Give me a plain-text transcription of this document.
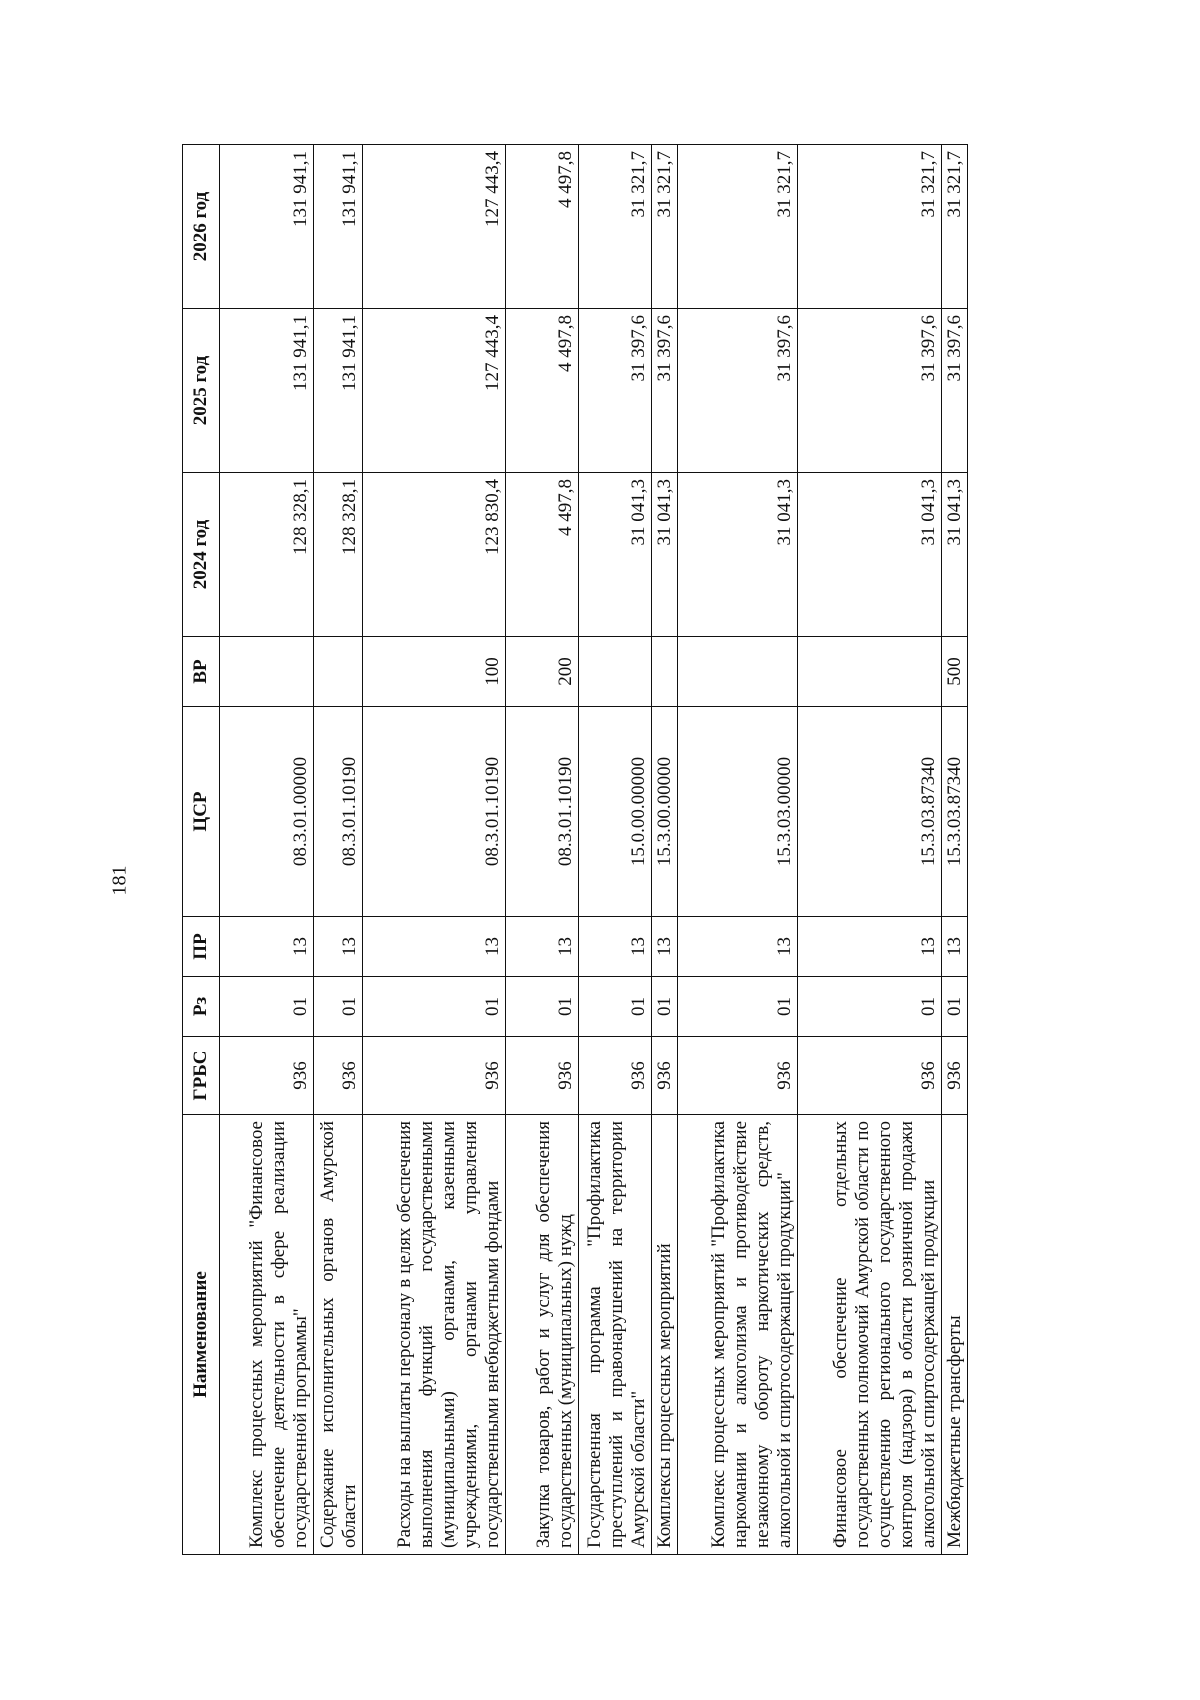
181
Наименование	ГРБС	Рз	ПР	ЦСР	ВР	2024 год	2025 год	2026 год
Комплекс процессных мероприятий "Финансовое обеспечение деятельности в сфере реализации государственной программы"	936	01	13	08.3.01.00000		128 328,1	131 941,1	131 941,1
Содержание исполнительных органов Амурской области	936	01	13	08.3.01.10190		128 328,1	131 941,1	131 941,1
Расходы на выплаты персоналу в целях обеспечения выполнения функций государственными (муниципальными) органами, казенными учреждениями, органами управления государственными внебюджетными фондами	936	01	13	08.3.01.10190	100	123 830,4	127 443,4	127 443,4
Закупка товаров, работ и услуг для обеспечения государственных (муниципальных) нужд	936	01	13	08.3.01.10190	200	4 497,8	4 497,8	4 497,8
Государственная программа "Профилактика преступлений и правонарушений на территории Амурской области"	936	01	13	15.0.00.00000		31 041,3	31 397,6	31 321,7
Комплексы процессных мероприятий	936	01	13	15.3.00.00000		31 041,3	31 397,6	31 321,7
Комплекс процессных мероприятий "Профилактика наркомании и алкоголизма и противодействие незаконному обороту наркотических средств, алкогольной и спиртосодержащей продукции"	936	01	13	15.3.03.00000		31 041,3	31 397,6	31 321,7
Финансовое обеспечение отдельных государственных полномочий Амурской области по осуществлению регионального государственного контроля (надзора) в области розничной продажи алкогольной и спиртосодержащей продукции	936	01	13	15.3.03.87340		31 041,3	31 397,6	31 321,7
Межбюджетные трансферты	936	01	13	15.3.03.87340	500	31 041,3	31 397,6	31 321,7
